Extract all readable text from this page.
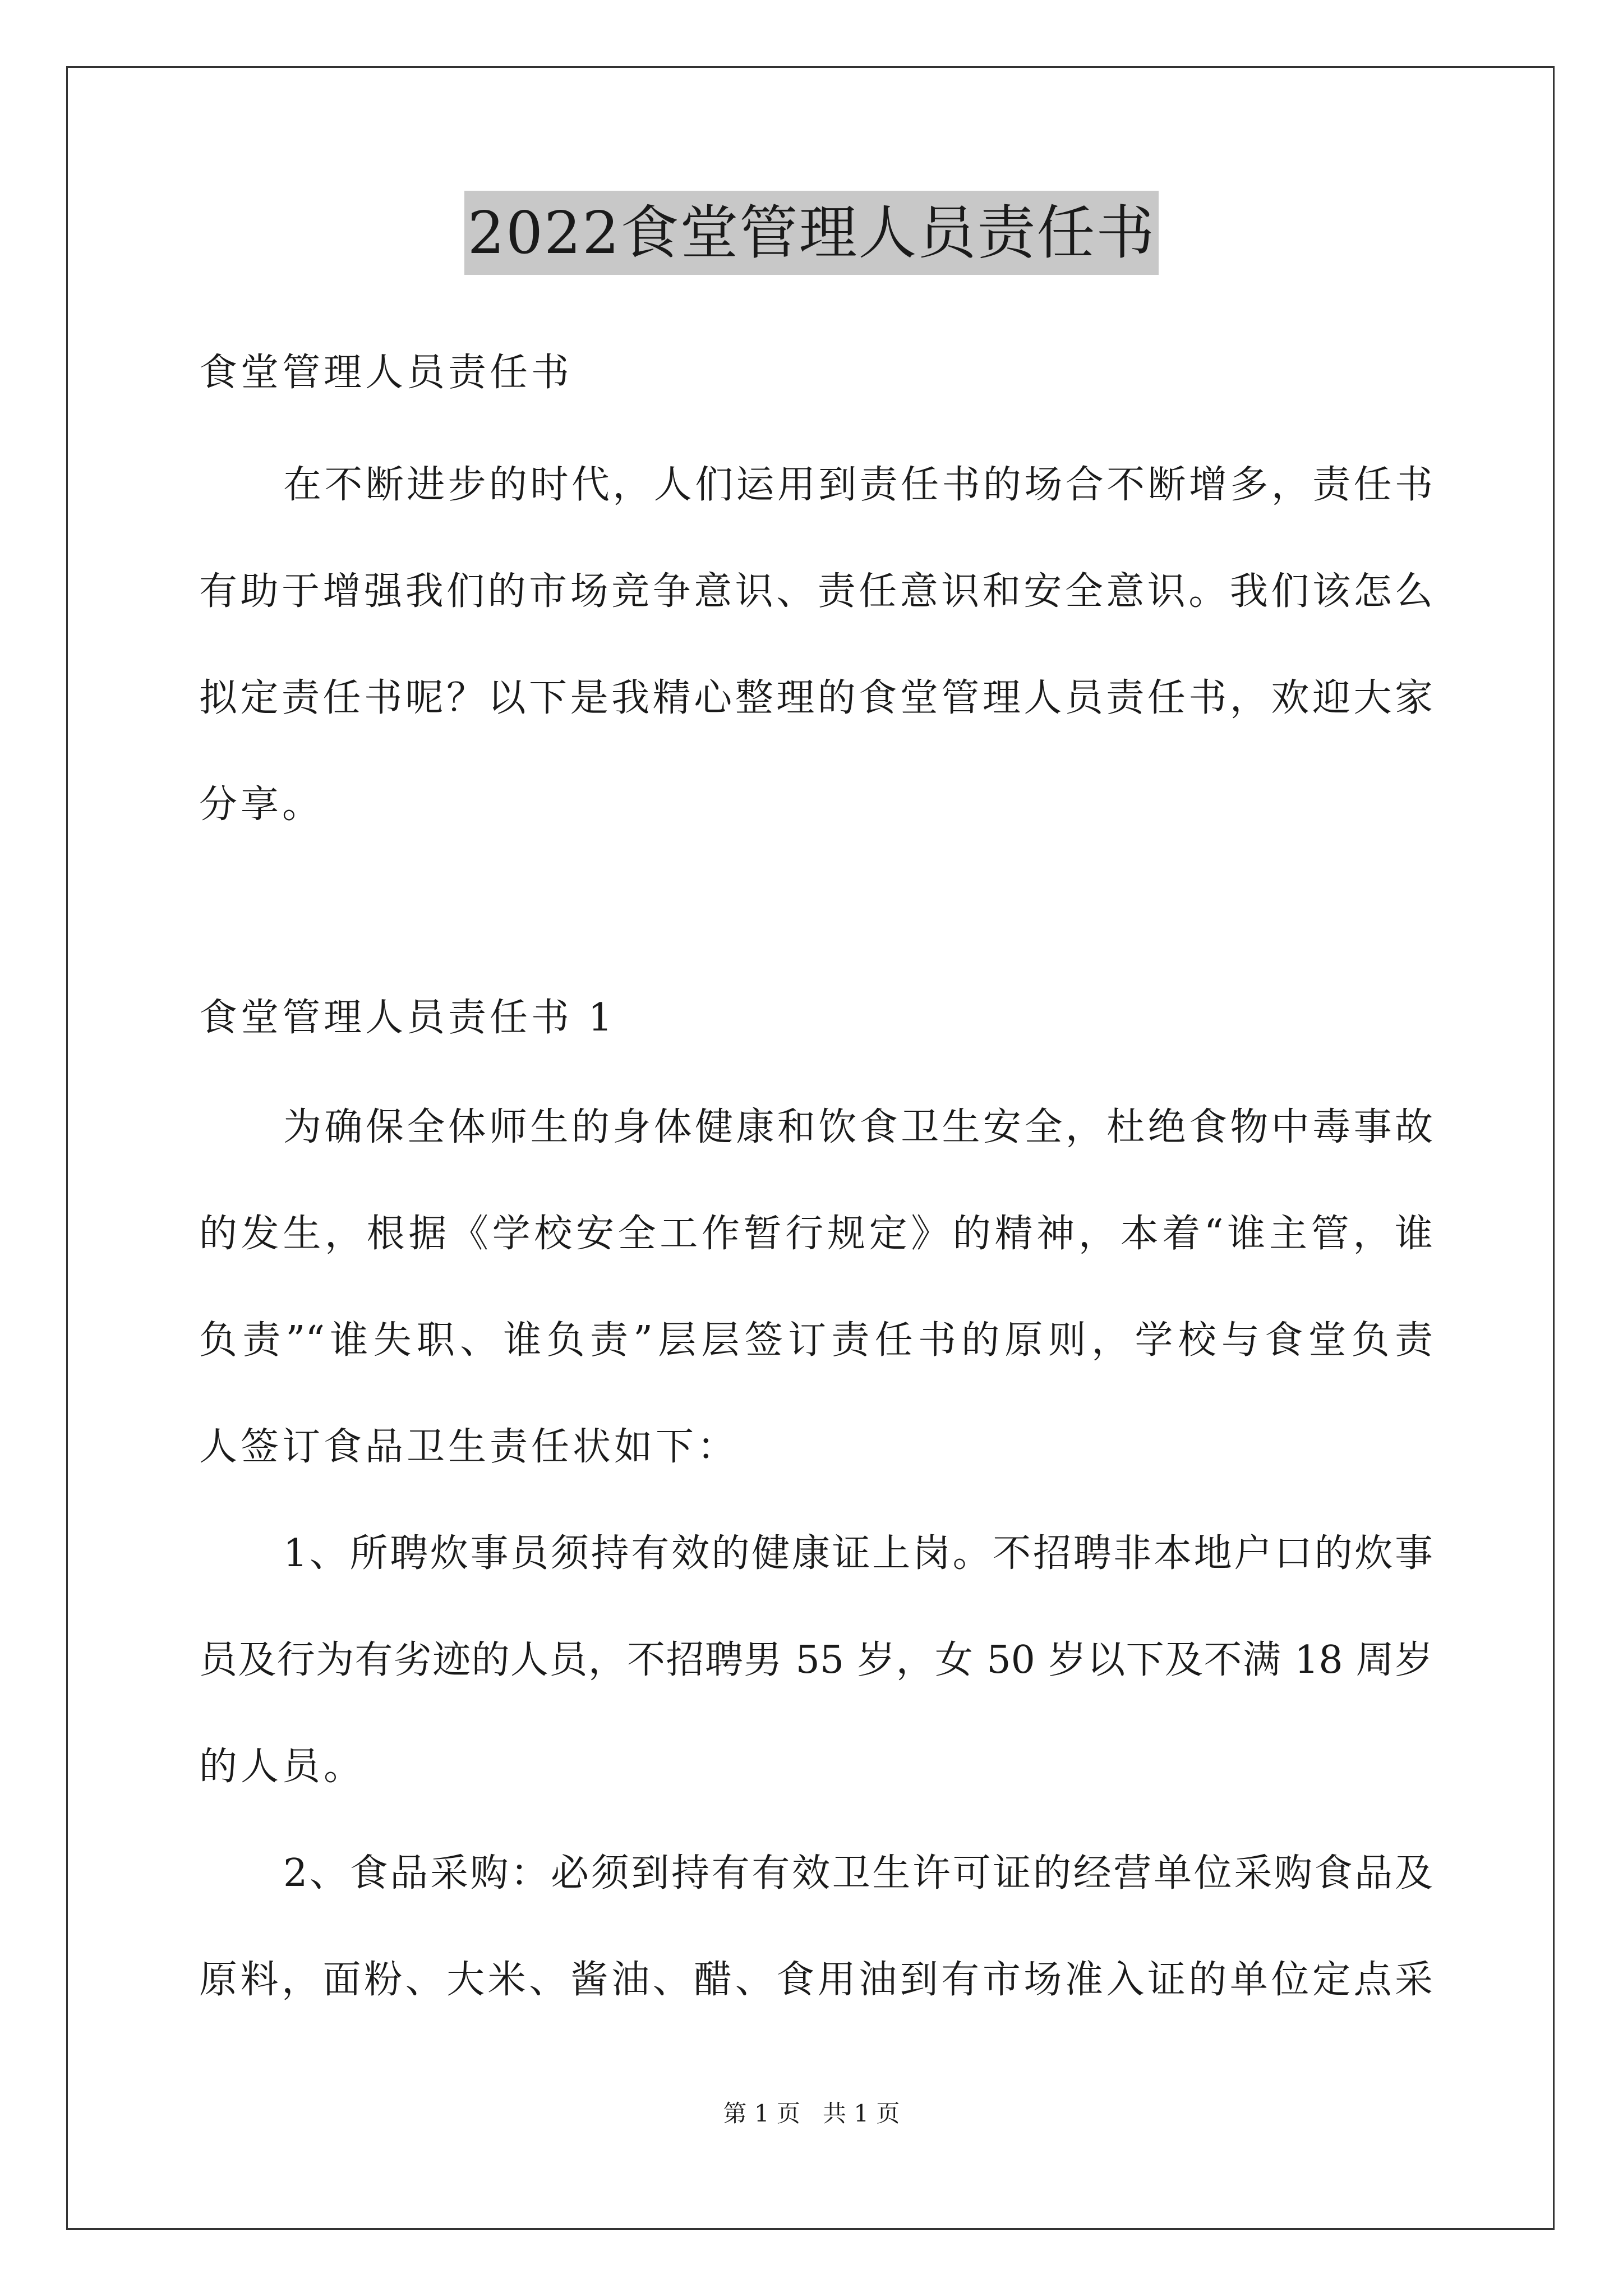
2022食堂管理人员责任书
食堂管理人员责任书
在不断进步的时代，人们运用到责任书的场合不断增多，责任书
有助于增强我们的市场竞争意识、责任意识和安全意识。我们该怎么
拟定责任书呢？以下是我精心整理的食堂管理人员责任书，欢迎大家
分享。
食堂管理人员责任书 1
为确保全体师生的身体健康和饮食卫生安全，杜绝食物中毒事故
的发生，根据《学校安全工作暂行规定》的精神，本着“谁主管，谁
负责”“谁失职、谁负责”层层签订责任书的原则，学校与食堂负责
人签订食品卫生责任状如下：
1、所聘炊事员须持有效的健康证上岗。不招聘非本地户口的炊事
员及行为有劣迹的人员，不招聘男 55 岁，女 50 岁以下及不满 18 周岁
的人员。
2、食品采购：必须到持有有效卫生许可证的经营单位采购食品及
原料，面粉、大米、酱油、醋、食用油到有市场准入证的单位定点采
第 1 页   共 1 页
